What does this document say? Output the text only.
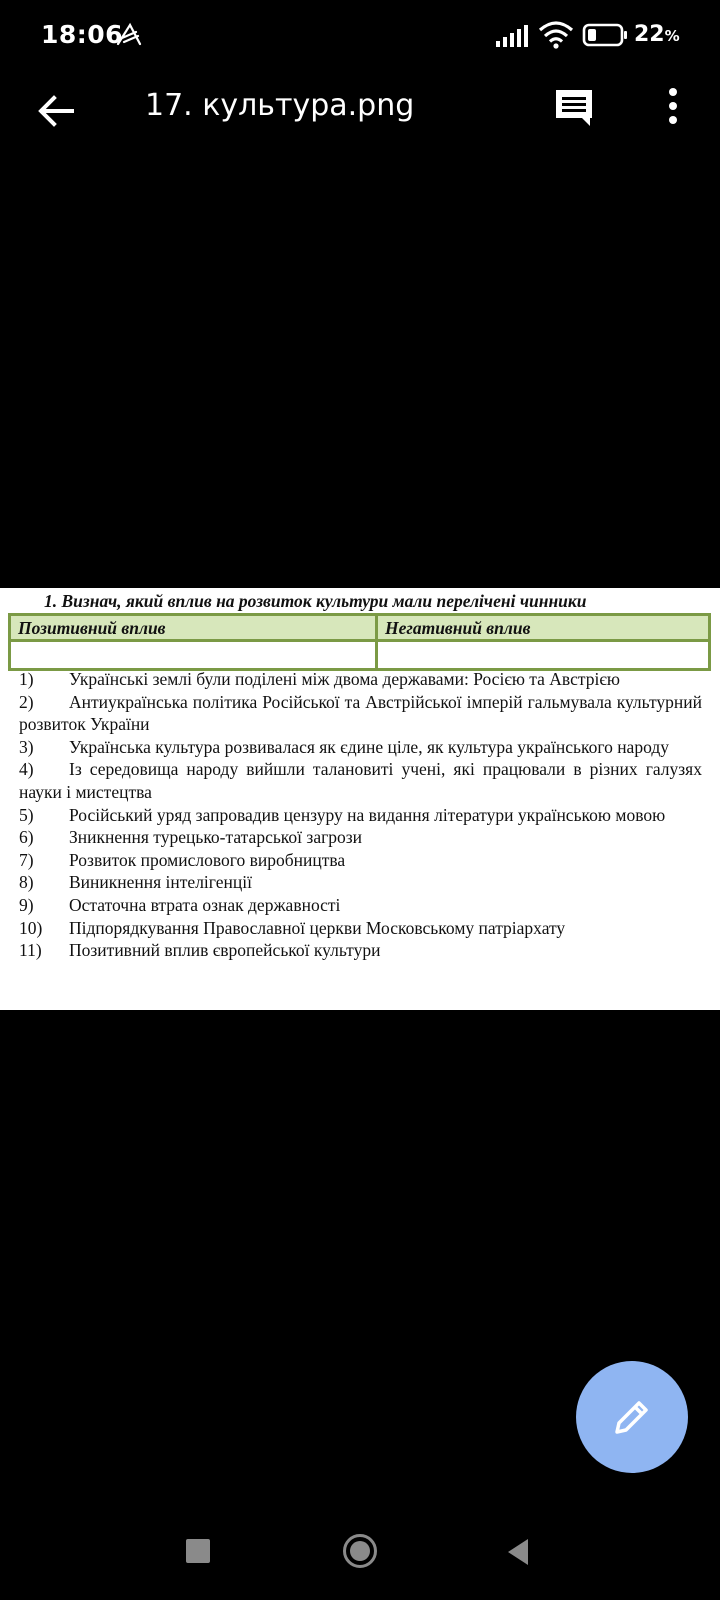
18:06	22%
17. культура.png
1. Визнач, який вплив на розвиток культури мали перелічені чинники
Позитивний вплив	Негативний вплив
1) Українські землі були поділені між двома державами: Росією та Австрією
2) Антиукраїнська політика Російської та Австрійської імперій гальмувала культурний розвиток України
3) Українська культура розвивалася як єдине ціле, як культура українського народу
4) Із середовища народу вийшли талановиті учені, які працювали в різних галузях науки і мистецтва
5) Російський уряд запровадив цензуру на видання літератури українською мовою
6) Зникнення турецько-татарської загрози
7) Розвиток промислового виробництва
8) Виникнення інтелігенції
9) Остаточна втрата ознак державності
10) Підпорядкування Православної церкви Московському патріархату
11) Позитивний вплив європейської культури
